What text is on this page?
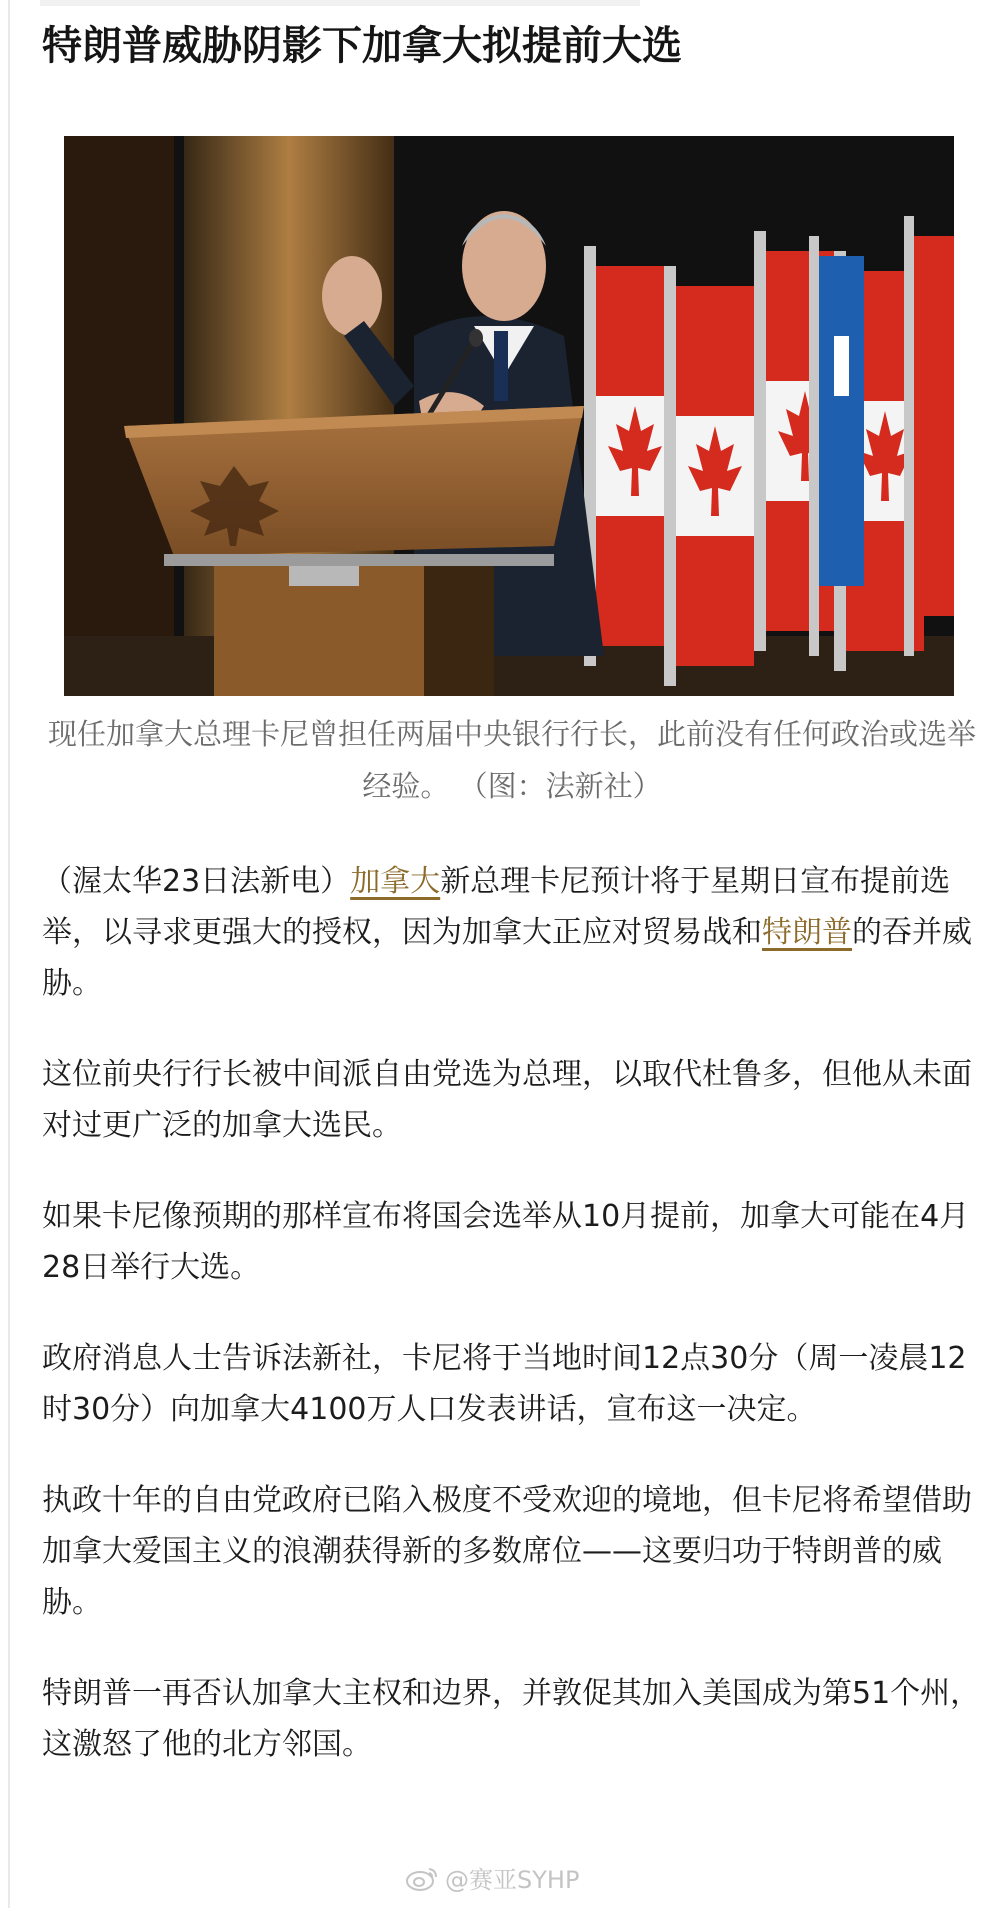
特朗普威胁阴影下加拿大拟提前大选

现任加拿大总理卡尼曾担任两届中央银行行长，此前没有任何政治或选举经验。 （图：法新社）

（渥太华23日法新电）加拿大新总理卡尼预计将于星期日宣布提前选举，以寻求更强大的授权，因为加拿大正应对贸易战和特朗普的吞并威胁。

这位前央行行长被中间派自由党选为总理，以取代杜鲁多，但他从未面对过更广泛的加拿大选民。

如果卡尼像预期的那样宣布将国会选举从10月提前，加拿大可能在4月28日举行大选。

政府消息人士告诉法新社，卡尼将于当地时间12点30分（周一凌晨12时30分）向加拿大4100万人口发表讲话，宣布这一决定。

执政十年的自由党政府已陷入极度不受欢迎的境地，但卡尼将希望借助加拿大爱国主义的浪潮获得新的多数席位——这要归功于特朗普的威胁。

特朗普一再否认加拿大主权和边界，并敦促其加入美国成为第51个州，这激怒了他的北方邻国。

@赛亚SYHP
